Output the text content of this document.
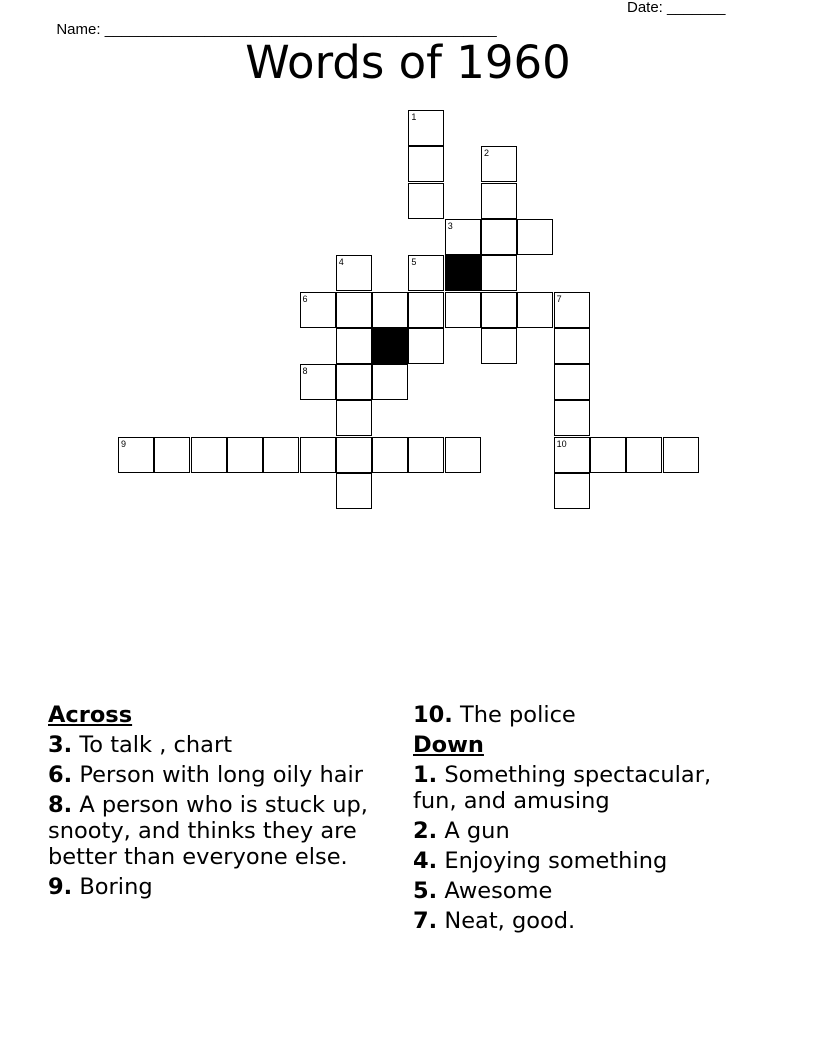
Name: _______________________________________________

Date: _______

Words of 1960
1
2
3
4	5
6	7
8
9	10
Across
3. To talk , chart
6. Person with long oily hair
8. A person who is stuck up, snooty, and thinks they are better than everyone else.
9. Boring
10. The police
Down
1. Something spectacular, fun, and amusing
2. A gun
4. Enjoying something
5. Awesome
7. Neat, good.
